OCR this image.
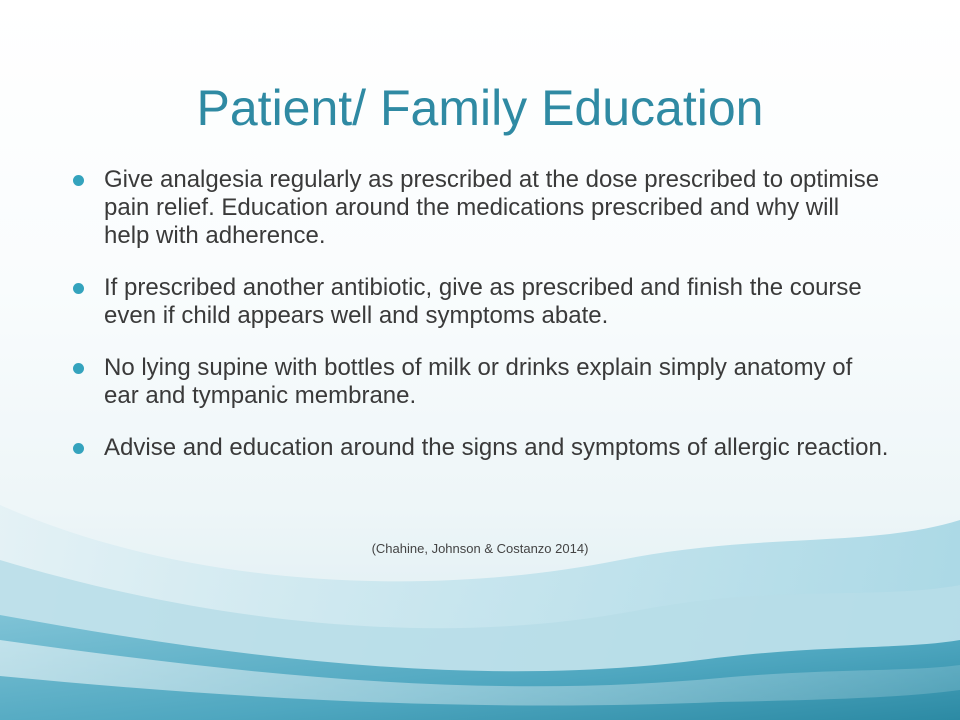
Patient/ Family Education
Give analgesia regularly as prescribed at the dose prescribed to optimise pain relief. Education around the medications prescribed and why will help with adherence.
If prescribed another antibiotic, give as prescribed and finish the course even if child appears well and symptoms abate.
No lying supine with bottles of milk or drinks explain simply anatomy of ear and tympanic membrane.
Advise and education around the signs and symptoms of allergic reaction.
(Chahine, Johnson & Costanzo 2014)
